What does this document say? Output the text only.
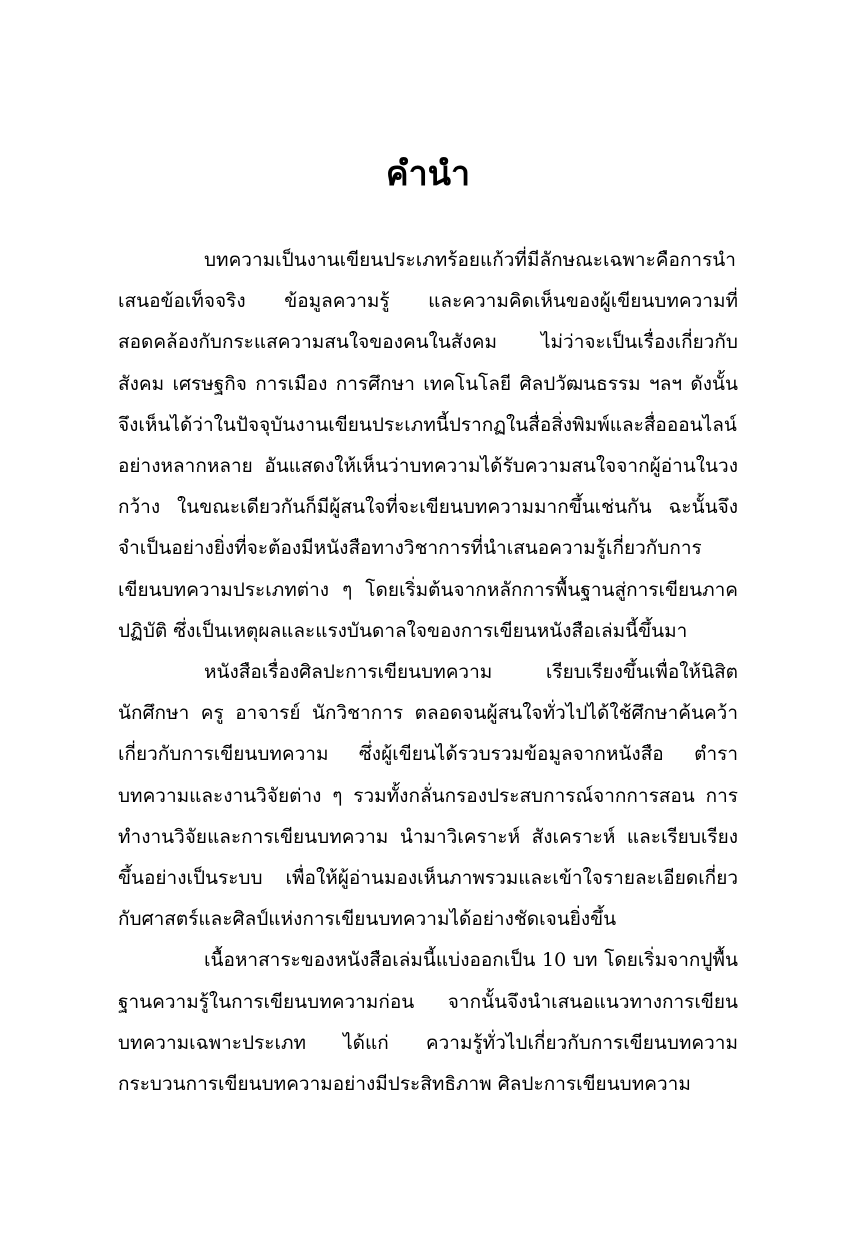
คำนำ

บทความเป็นงานเขียนประเภทร้อยแก้วที่มีลักษณะเฉพาะคือการนำเสนอข้อเท็จจริง ข้อมูลความรู้ และความคิดเห็นของผู้เขียนบทความที่สอดคล้องกับกระแสความสนใจของคนในสังคม ไม่ว่าจะเป็นเรื่องเกี่ยวกับสังคม เศรษฐกิจ การเมือง การศึกษา เทคโนโลยี ศิลปวัฒนธรรม ฯลฯ ดังนั้นจึงเห็นได้ว่าในปัจจุบันงานเขียนประเภทนี้ปรากฏในสื่อสิ่งพิมพ์และสื่อออนไลน์อย่างหลากหลาย อันแสดงให้เห็นว่าบทความได้รับความสนใจจากผู้อ่านในวงกว้าง ในขณะเดียวกันก็มีผู้สนใจที่จะเขียนบทความมากขึ้นเช่นกัน ฉะนั้นจึงจำเป็นอย่างยิ่งที่จะต้องมีหนังสือทางวิชาการที่นำเสนอความรู้เกี่ยวกับการเขียนบทความประเภทต่าง ๆ โดยเริ่มต้นจากหลักการพื้นฐานสู่การเขียนภาคปฏิบัติ ซึ่งเป็นเหตุผลและแรงบันดาลใจของการเขียนหนังสือเล่มนี้ขึ้นมา

หนังสือเรื่องศิลปะการเขียนบทความ เรียบเรียงขึ้นเพื่อให้นิสิตนักศึกษา ครู อาจารย์ นักวิชาการ ตลอดจนผู้สนใจทั่วไปได้ใช้ศึกษาค้นคว้าเกี่ยวกับการเขียนบทความ ซึ่งผู้เขียนได้รวบรวมข้อมูลจากหนังสือ ตำรา บทความและงานวิจัยต่าง ๆ รวมทั้งกลั่นกรองประสบการณ์จากการสอน การทำงานวิจัยและการเขียนบทความ นำมาวิเคราะห์ สังเคราะห์ และเรียบเรียงขึ้นอย่างเป็นระบบ เพื่อให้ผู้อ่านมองเห็นภาพรวมและเข้าใจรายละเอียดเกี่ยวกับศาสตร์และศิลป์แห่งการเขียนบทความได้อย่างชัดเจนยิ่งขึ้น

เนื้อหาสาระของหนังสือเล่มนี้แบ่งออกเป็น 10 บท โดยเริ่มจากปูพื้นฐานความรู้ในการเขียนบทความก่อน จากนั้นจึงนำเสนอแนวทางการเขียนบทความเฉพาะประเภท ได้แก่ ความรู้ทั่วไปเกี่ยวกับการเขียนบทความ กระบวนการเขียนบทความอย่างมีประสิทธิภาพ ศิลปะการเขียนบทความ
